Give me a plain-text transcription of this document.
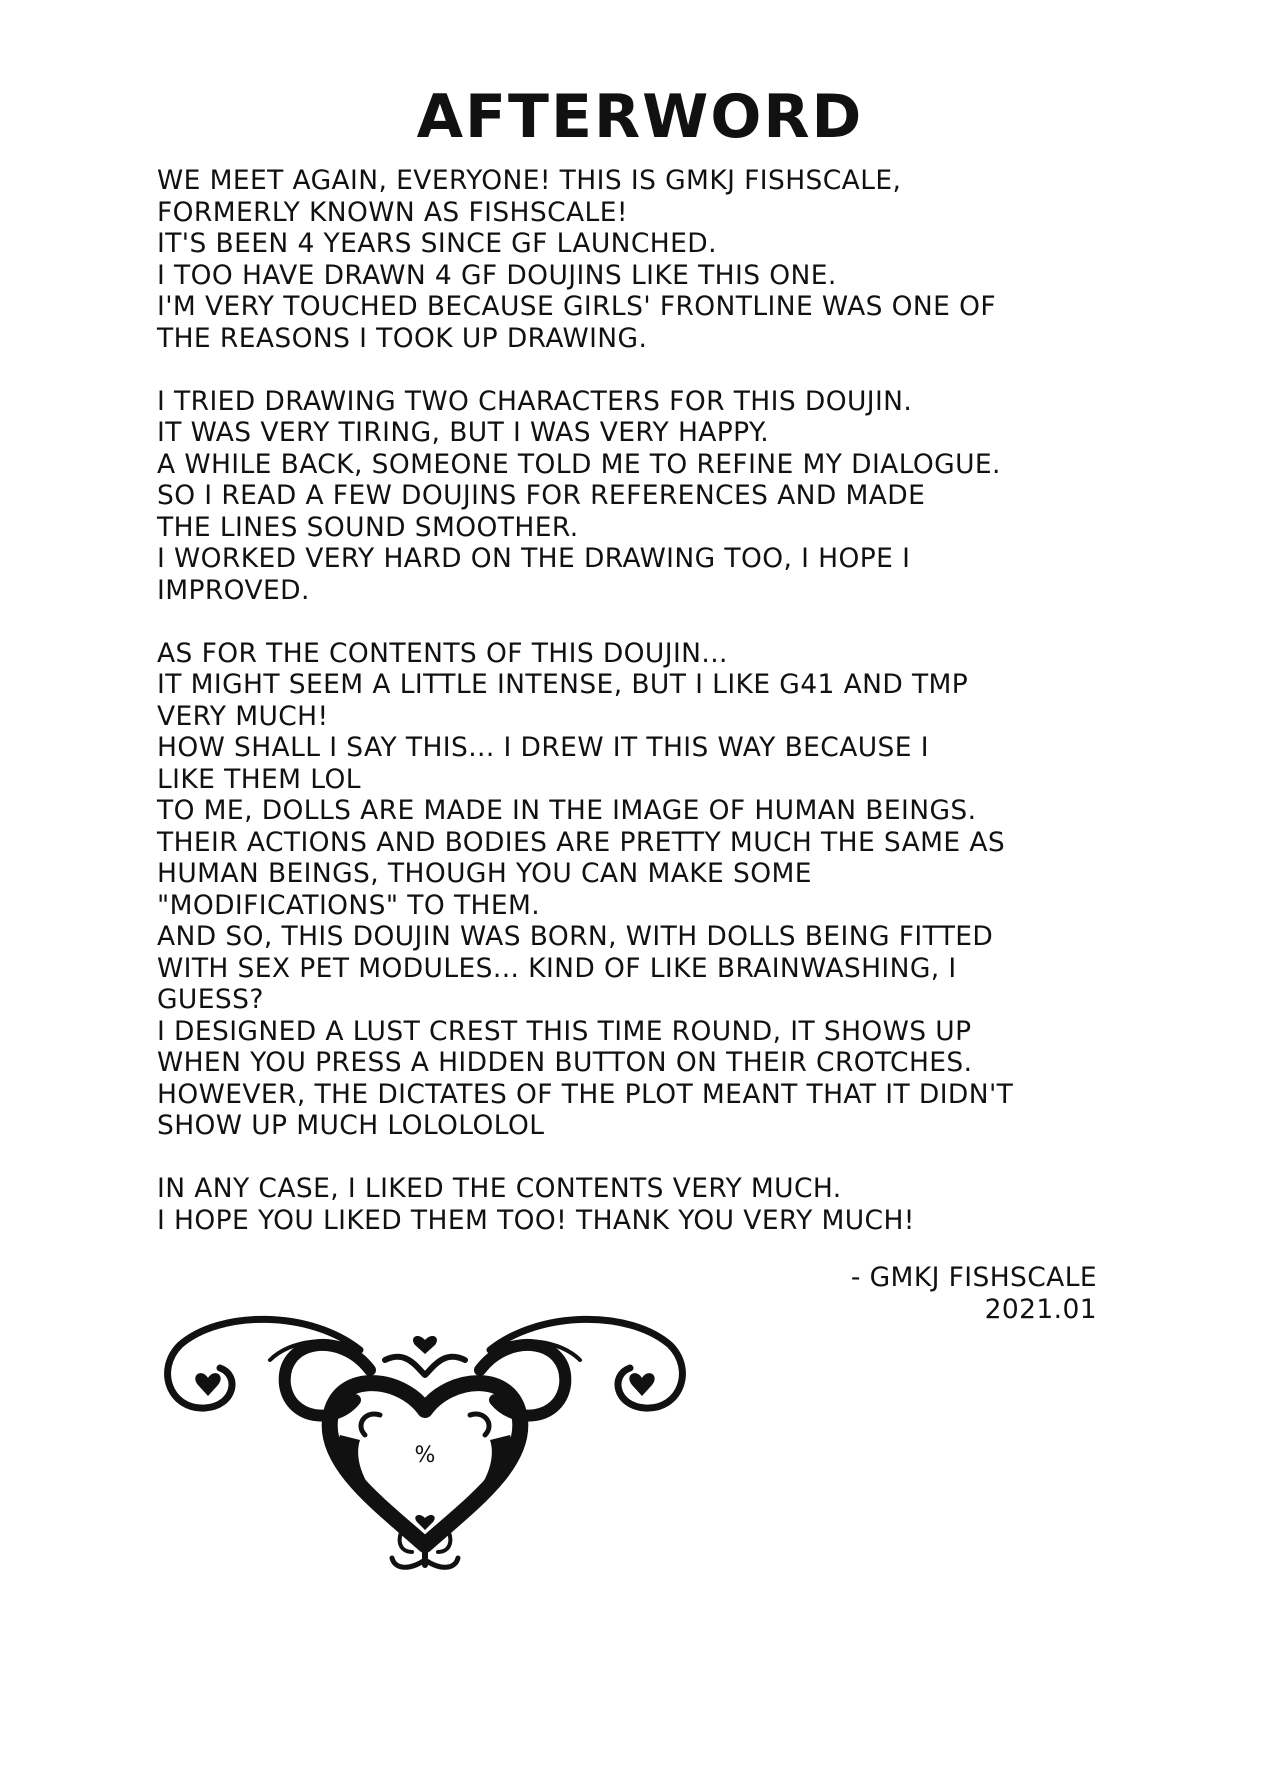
AFTERWORD
WE MEET AGAIN, EVERYONE! THIS IS GMKJ FISHSCALE,
FORMERLY KNOWN AS FISHSCALE!
IT'S BEEN 4 YEARS SINCE GF LAUNCHED.
I TOO HAVE DRAWN 4 GF DOUJINS LIKE THIS ONE.
I'M VERY TOUCHED BECAUSE GIRLS' FRONTLINE WAS ONE OF
THE REASONS I TOOK UP DRAWING.
I TRIED DRAWING TWO CHARACTERS FOR THIS DOUJIN.
IT WAS VERY TIRING, BUT I WAS VERY HAPPY.
A WHILE BACK, SOMEONE TOLD ME TO REFINE MY DIALOGUE.
SO I READ A FEW DOUJINS FOR REFERENCES AND MADE
THE LINES SOUND SMOOTHER.
I WORKED VERY HARD ON THE DRAWING TOO, I HOPE I
IMPROVED.
AS FOR THE CONTENTS OF THIS DOUJIN...
IT MIGHT SEEM A LITTLE INTENSE, BUT I LIKE G41 AND TMP
VERY MUCH!
HOW SHALL I SAY THIS... I DREW IT THIS WAY BECAUSE I
LIKE THEM LOL
TO ME, DOLLS ARE MADE IN THE IMAGE OF HUMAN BEINGS.
THEIR ACTIONS AND BODIES ARE PRETTY MUCH THE SAME AS
HUMAN BEINGS, THOUGH YOU CAN MAKE SOME
"MODIFICATIONS" TO THEM.
AND SO, THIS DOUJIN WAS BORN, WITH DOLLS BEING FITTED
WITH SEX PET MODULES... KIND OF LIKE BRAINWASHING, I
GUESS?
I DESIGNED A LUST CREST THIS TIME ROUND, IT SHOWS UP
WHEN YOU PRESS A HIDDEN BUTTON ON THEIR CROTCHES.
HOWEVER, THE DICTATES OF THE PLOT MEANT THAT IT DIDN'T
SHOW UP MUCH LOLOLOLOL
IN ANY CASE, I LIKED THE CONTENTS VERY MUCH.
I HOPE YOU LIKED THEM TOO! THANK YOU VERY MUCH!
- GMKJ FISHSCALE
2021.01
%
